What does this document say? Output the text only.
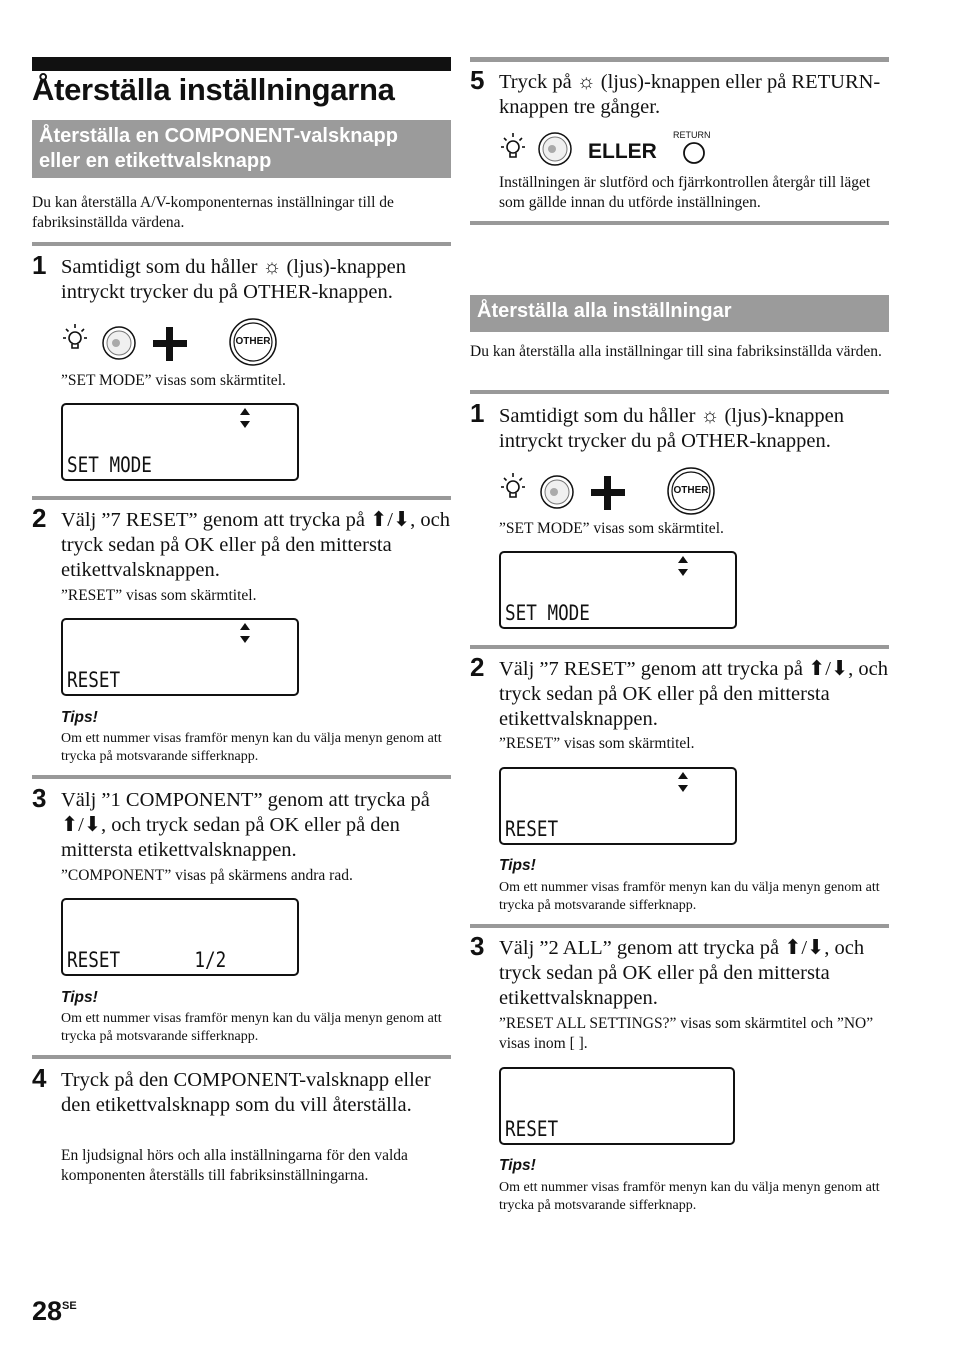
Återställa inställningarna
Återställa en COMPONENT-valsknapp eller en etikettvalsknapp
Du kan återställa A/V-komponenternas inställningar till de fabriksinställda värdena.
1 Samtidigt som du håller ☼ (ljus)-knappen intryckt trycker du på OTHER-knappen.
OTHER
”SET MODE” visas som skärmtitel.

SET MODE

2 Välj ”7 RESET” genom att trycka på ⬆/⬇, och tryck sedan på OK eller på den mittersta etikettvalsknappen.
”RESET” visas som skärmtitel.

RESET

Tips!
Om ett nummer visas framför menyn kan du välja menyn genom att trycka på motsvarande sifferknapp.
3 Välj ”1 COMPONENT” genom att trycka på ⬆/⬇, och tryck sedan på OK eller på den mittersta etikettvalsknappen.
”COMPONENT” visas på skärmens andra rad.

RESET       1/2

Tips!
Om ett nummer visas framför menyn kan du välja menyn genom att trycka på motsvarande sifferknapp.
4 Tryck på den COMPONENT-valsknapp eller den etikettvalsknapp som du vill återställa.
En ljudsignal hörs och alla inställningarna för den valda komponenten återställs till fabriksinställningarna.
5 Tryck på ☼ (ljus)-knappen eller på RETURN-knappen tre gånger.
ELLER
RETURN
Inställningen är slutförd och fjärrkontrollen återgår till läget som gällde innan du utförde inställningen.
Återställa alla inställningar
Du kan återställa alla inställningar till sina fabriksinställda värden.
1 Samtidigt som du håller ☼ (ljus)-knappen intryckt trycker du på OTHER-knappen.
OTHER
”SET MODE” visas som skärmtitel.

SET MODE

2 Välj ”7 RESET” genom att trycka på ⬆/⬇, och tryck sedan på OK eller på den mittersta etikettvalsknappen.
”RESET” visas som skärmtitel.

RESET

Tips!
Om ett nummer visas framför menyn kan du välja menyn genom att trycka på motsvarande sifferknapp.
3 Välj ”2 ALL” genom att trycka på ⬆/⬇, och tryck sedan på OK eller på den mittersta etikettvalsknappen.
”RESET ALL SETTINGS?” visas som skärmtitel och ”NO” visas inom [ ].

RESET

Tips!
Om ett nummer visas framför menyn kan du välja menyn genom att trycka på motsvarande sifferknapp.
$28^{SE}$
